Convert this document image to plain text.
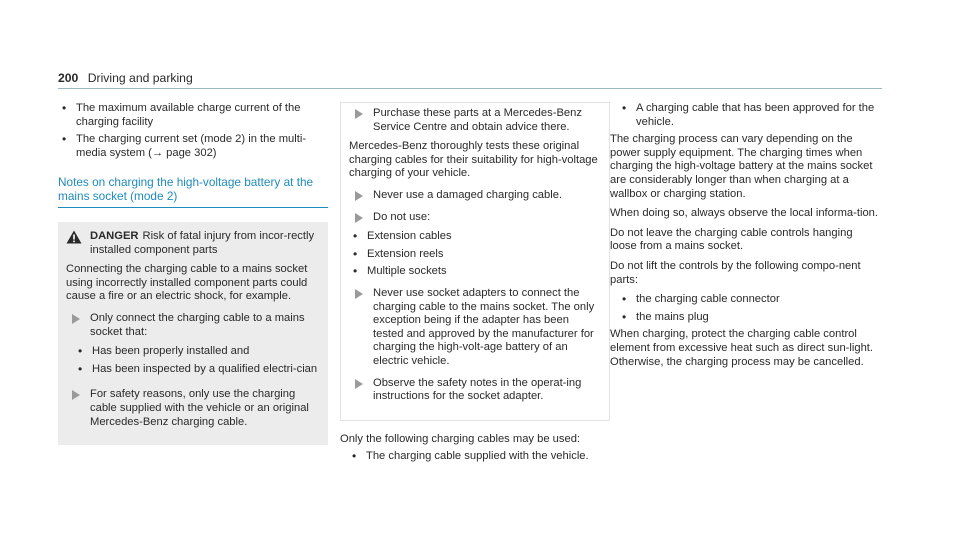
200 Driving and parking
• The maximum available charge current of the charging facility
• The charging current set (mode 2) in the multi-media system (→ page 302)
Notes on charging the high-voltage battery at the mains socket (mode 2)
DANGER Risk of fatal injury from incor-rectly installed component parts
Connecting the charging cable to a mains socket using incorrectly installed component parts could cause a fire or an electric shock, for example.
Only connect the charging cable to a mains socket that:
• Has been properly installed and
• Has been inspected by a qualified electri-cian
For safety reasons, only use the charging cable supplied with the vehicle or an original Mercedes-Benz charging cable.
Purchase these parts at a Mercedes-Benz Service Centre and obtain advice there.
Mercedes-Benz thoroughly tests these original charging cables for their suitability for high-voltage charging of your vehicle.
Never use a damaged charging cable.
Do not use:
• Extension cables
• Extension reels
• Multiple sockets
Never use socket adapters to connect the charging cable to the mains socket. The only exception being if the adapter has been tested and approved by the manufacturer for charging the high-volt-age battery of an electric vehicle.
Observe the safety notes in the operat-ing instructions for the socket adapter.
Only the following charging cables may be used:
• The charging cable supplied with the vehicle.
• A charging cable that has been approved for the vehicle.
The charging process can vary depending on the power supply equipment. The charging times when charging the high-voltage battery at the mains socket are considerably longer than when charging at a wallbox or charging station.
When doing so, always observe the local informa-tion.
Do not leave the charging cable controls hanging loose from a mains socket.
Do not lift the controls by the following compo-nent parts:
• the charging cable connector
• the mains plug
When charging, protect the charging cable control element from excessive heat such as direct sun-light. Otherwise, the charging process may be cancelled.
